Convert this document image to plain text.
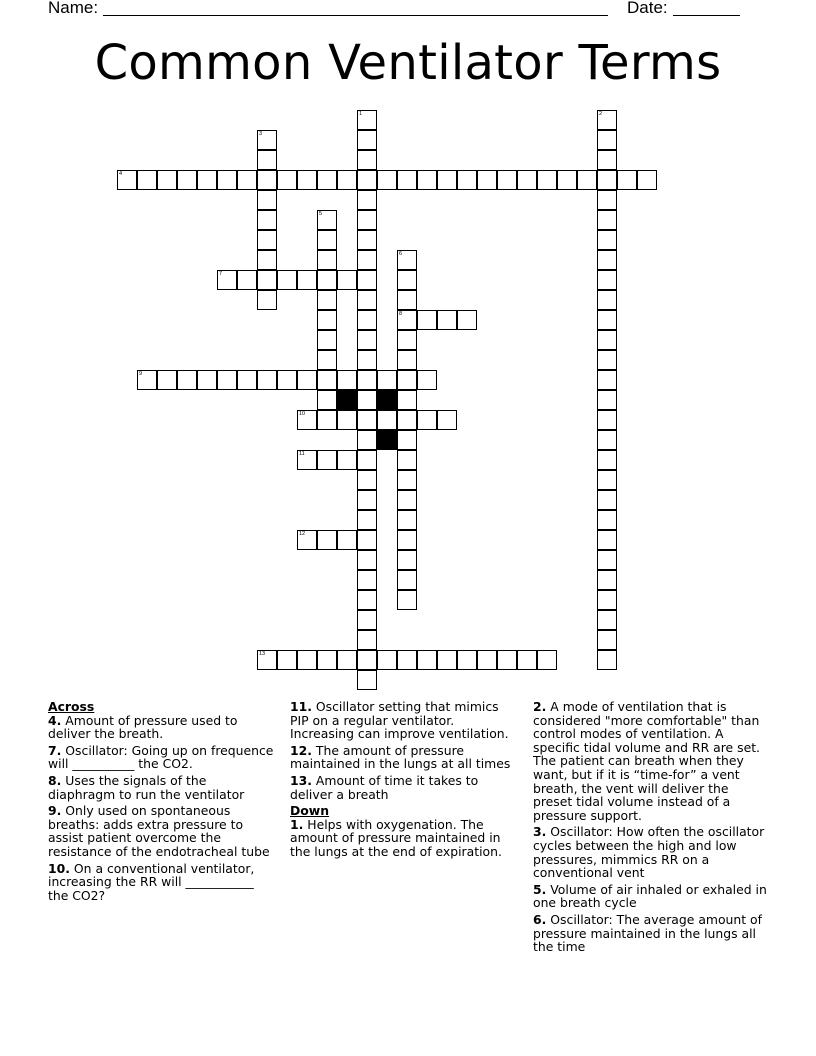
Name:	Date:
Common Ventilator Terms
1	2
3
4
5
6
8
7
9
10
11
12
13
Across
4. Amount of pressure used to deliver the breath.
7. Oscillator: Going up on frequence will __________ the CO2.
8. Uses the signals of the diaphragm to run the ventilator
9. Only used on spontaneous breaths: adds extra pressure to assist patient overcome the resistance of the endotracheal tube
10. On a conventional ventilator, increasing the RR will ___________ the CO2?
11. Oscillator setting that mimics PIP on a regular ventilator. Increasing can improve ventilation.
12. The amount of pressure maintained in the lungs at all times
13. Amount of time it takes to deliver a breath
Down
1. Helps with oxygenation. The amount of pressure maintained in the lungs at the end of expiration.
2. A mode of ventilation that is considered "more comfortable" than control modes of ventilation. A specific tidal volume and RR are set. The patient can breath when they want, but if it is “time-for” a vent breath, the vent will deliver the preset tidal volume instead of a pressure support.
3. Oscillator: How often the oscillator cycles between the high and low pressures, mimmics RR on a conventional vent
5. Volume of air inhaled or exhaled in one breath cycle
6. Oscillator: The average amount of pressure maintained in the lungs all the time
